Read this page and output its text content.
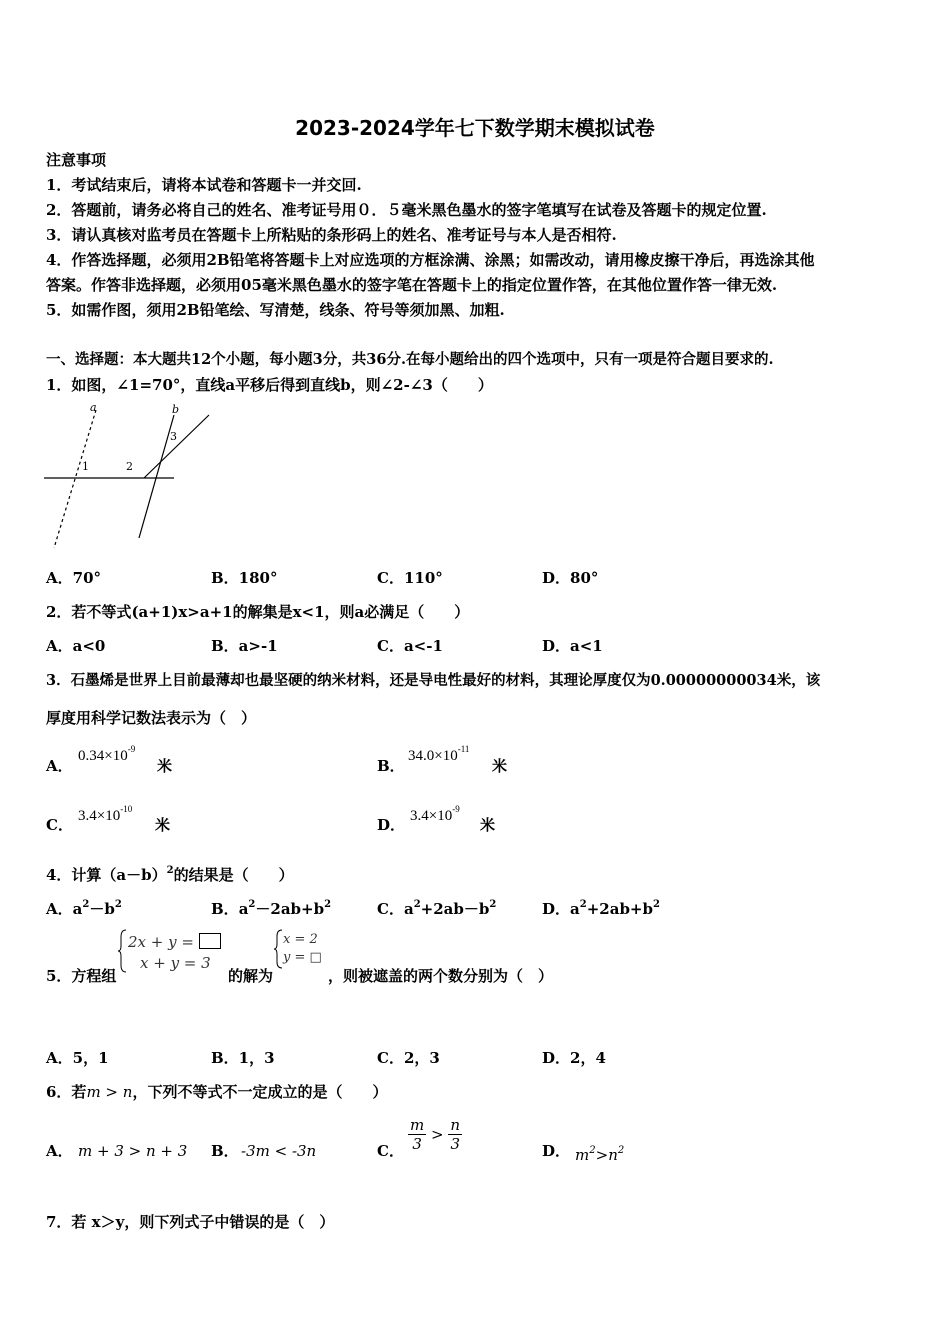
2023-2024学年七下数学期末模拟试卷
注意事项
1．考试结束后，请将本试卷和答题卡一并交回.
2．答题前，请务必将自己的姓名、准考证号用０．５毫米黑色墨水的签字笔填写在试卷及答题卡的规定位置.
3．请认真核对监考员在答题卡上所粘贴的条形码上的姓名、准考证号与本人是否相符.
4．作答选择题，必须用2B铅笔将答题卡上对应选项的方框涂满、涂黑；如需改动，请用橡皮擦干净后，再选涂其他
答案。作答非选择题，必须用05毫米黑色墨水的签字笔在答题卡上的指定位置作答，在其他位置作答一律无效.
5．如需作图，须用2B铅笔绘、写清楚，线条、符号等须加黑、加粗.
一、选择题：本大题共12个小题，每小题3分，共36分.在每小题给出的四个选项中，只有一项是符合题目要求的.
1．如图，∠1=70°，直线a平移后得到直线b，则∠2-∠3（　　）
a	b
1	2
3
A．70°	B．180°	C．110°	D．80°
2．若不等式(a+1)x>a+1的解集是x<1，则a必满足（　　）
A．a<0	B．a>-1	C．a<-1	D．a<1
3．石墨烯是世界上目前最薄却也最坚硬的纳米材料，还是导电性最好的材料，其理论厚度仅为0.00000000034米，该
厚度用科学记数法表示为（　）
A．
$0.34\times 10^{-9}$
米	B．
$34.0\times 10^{-11}$
米
C． $3.4\times 10^{-10}$
米	D． $3.4\times 10^{-9}$
米
4．计算$(a-b)^2$的结果是（　　）
A．$a^2-b^2$	B．$a^2-2ab+b^2$	C．$a^2+2ab-b^2$	D．$a^2+2ab+b^2$
5．方程组
2x + y =
x + y = 3
的解为
x = 2
y = □
，则被遮盖的两个数分别为（　）
A．5，1	B．1，3	C．2，3	D．2，4
6．若m > n，下列不等式不一定成立的是（　　）
A． m + 3 > n + 3 B． -3m < -3n	C． $\frac{m}{3} > \frac{n}{3}$	D． $m^2>n^2$
7．若 x＞y，则下列式子中错误的是（　）
